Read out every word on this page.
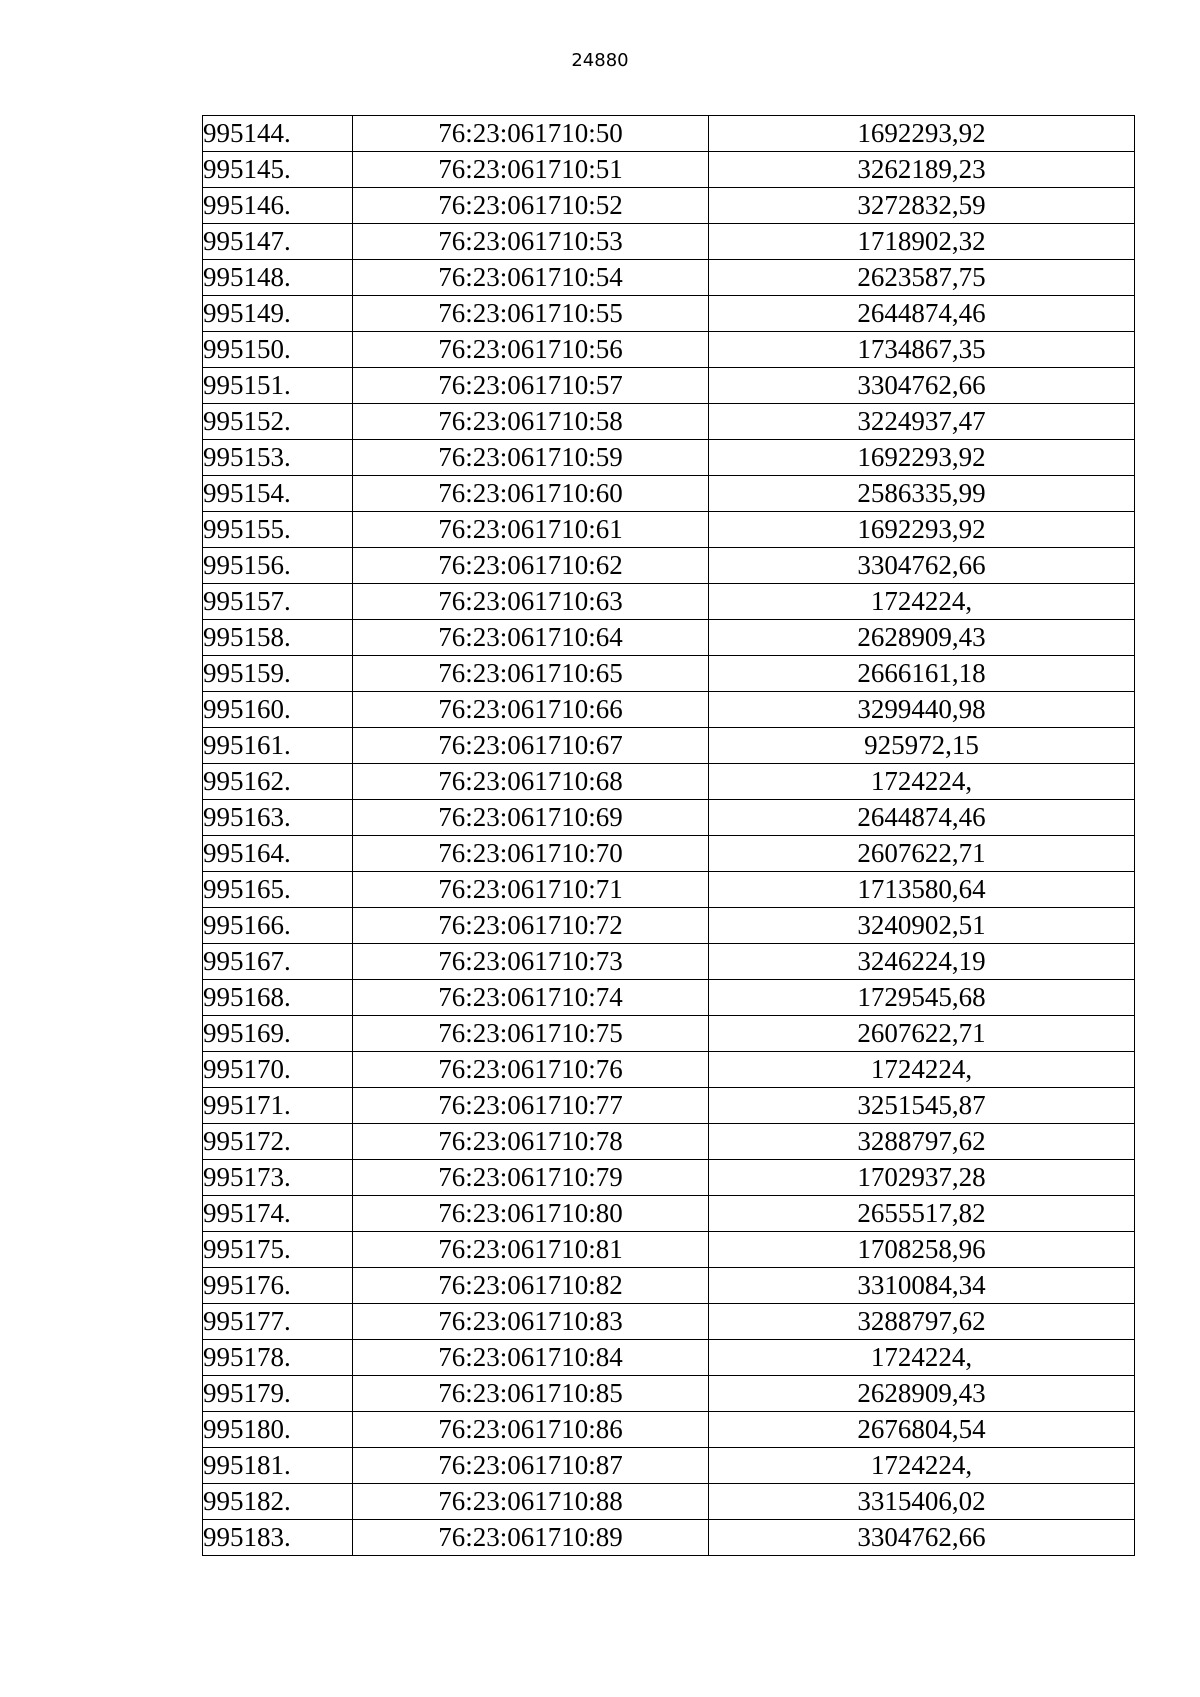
24880
995144.	76:23:061710:50	1692293,92
995145.	76:23:061710:51	3262189,23
995146.	76:23:061710:52	3272832,59
995147.	76:23:061710:53	1718902,32
995148.	76:23:061710:54	2623587,75
995149.	76:23:061710:55	2644874,46
995150.	76:23:061710:56	1734867,35
995151.	76:23:061710:57	3304762,66
995152.	76:23:061710:58	3224937,47
995153.	76:23:061710:59	1692293,92
995154.	76:23:061710:60	2586335,99
995155.	76:23:061710:61	1692293,92
995156.	76:23:061710:62	3304762,66
995157.	76:23:061710:63	1724224,
995158.	76:23:061710:64	2628909,43
995159.	76:23:061710:65	2666161,18
995160.	76:23:061710:66	3299440,98
995161.	76:23:061710:67	925972,15
995162.	76:23:061710:68	1724224,
995163.	76:23:061710:69	2644874,46
995164.	76:23:061710:70	2607622,71
995165.	76:23:061710:71	1713580,64
995166.	76:23:061710:72	3240902,51
995167.	76:23:061710:73	3246224,19
995168.	76:23:061710:74	1729545,68
995169.	76:23:061710:75	2607622,71
995170.	76:23:061710:76	1724224,
995171.	76:23:061710:77	3251545,87
995172.	76:23:061710:78	3288797,62
995173.	76:23:061710:79	1702937,28
995174.	76:23:061710:80	2655517,82
995175.	76:23:061710:81	1708258,96
995176.	76:23:061710:82	3310084,34
995177.	76:23:061710:83	3288797,62
995178.	76:23:061710:84	1724224,
995179.	76:23:061710:85	2628909,43
995180.	76:23:061710:86	2676804,54
995181.	76:23:061710:87	1724224,
995182.	76:23:061710:88	3315406,02
995183.	76:23:061710:89	3304762,66
